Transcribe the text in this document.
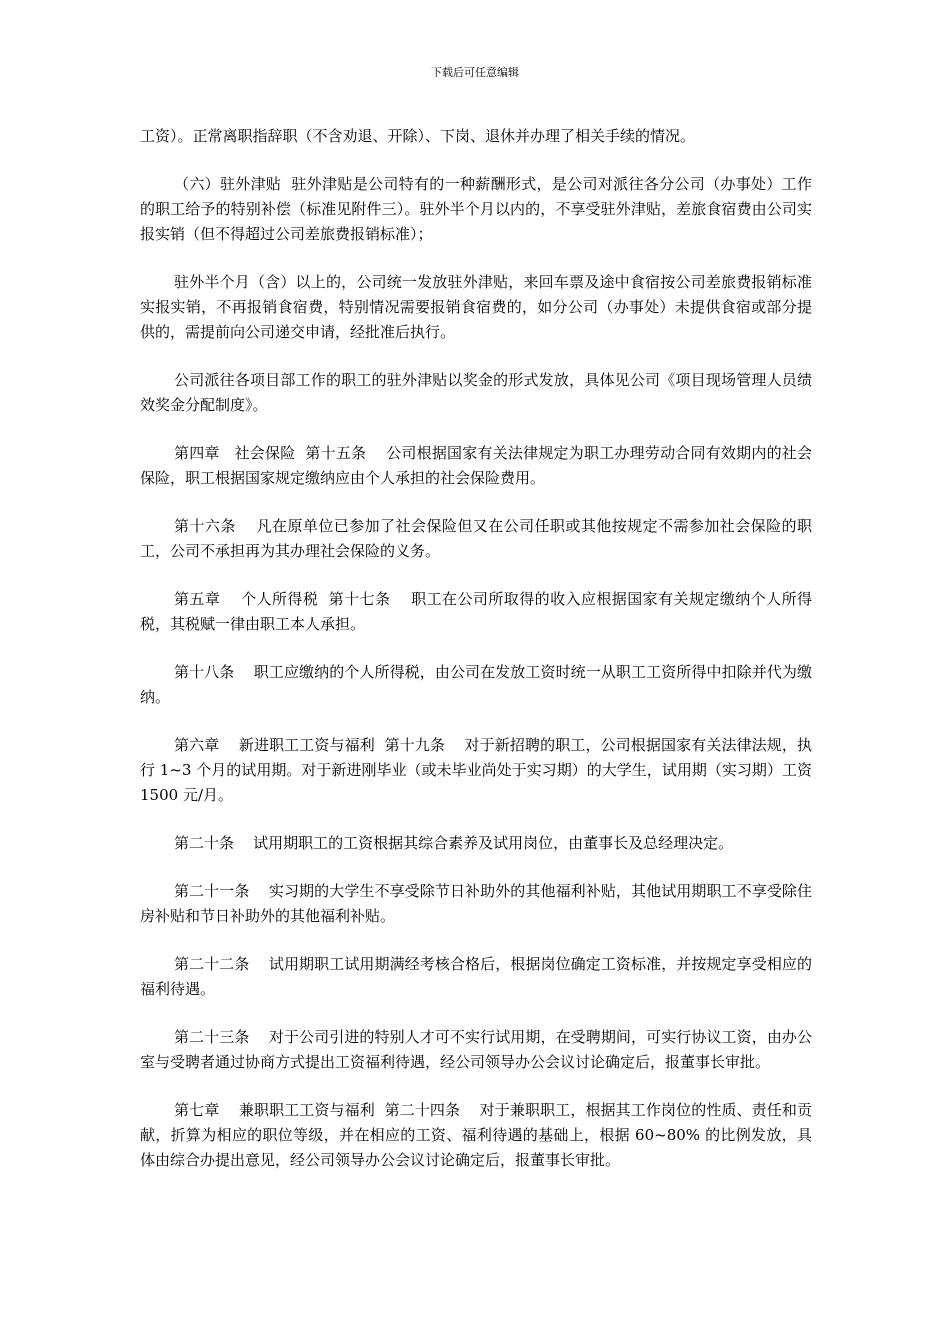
下载后可任意编辑

工资）。正常离职指辞职（不含劝退、开除）、下岗、退休并办理了相关手续的情况。

（六）驻外津贴  驻外津贴是公司特有的一种薪酬形式，是公司对派往各分公司（办事处）工作的职工给予的特别补偿（标准见附件三）。驻外半个月以内的，不享受驻外津贴，差旅食宿费由公司实报实销（但不得超过公司差旅费报销标准）；

驻外半个月（含）以上的，公司统一发放驻外津贴，来回车票及途中食宿按公司差旅费报销标准实报实销，不再报销食宿费，特别情况需要报销食宿费的，如分公司（办事处）未提供食宿或部分提供的，需提前向公司递交申请，经批准后执行。

公司派往各项目部工作的职工的驻外津贴以奖金的形式发放，具体见公司《项目现场管理人员绩效奖金分配制度》。

第四章   社会保险  第十五条    公司根据国家有关法律规定为职工办理劳动合同有效期内的社会保险，职工根据国家规定缴纳应由个人承担的社会保险费用。

第十六条    凡在原单位已参加了社会保险但又在公司任职或其他按规定不需参加社会保险的职工，公司不承担再为其办理社会保险的义务。

第五章    个人所得税  第十七条    职工在公司所取得的收入应根据国家有关规定缴纳个人所得税，其税赋一律由职工本人承担。

第十八条    职工应缴纳的个人所得税，由公司在发放工资时统一从职工工资所得中扣除并代为缴纳。

第六章    新进职工工资与福利  第十九条    对于新招聘的职工，公司根据国家有关法律法规，执行 1~3 个月的试用期。对于新进刚毕业（或未毕业尚处于实习期）的大学生，试用期（实习期）工资 1500 元/月。

第二十条    试用期职工的工资根据其综合素养及试用岗位，由董事长及总经理决定。

第二十一条    实习期的大学生不享受除节日补助外的其他福利补贴，其他试用期职工不享受除住房补贴和节日补助外的其他福利补贴。

第二十二条    试用期职工试用期满经考核合格后，根据岗位确定工资标准，并按规定享受相应的福利待遇。

第二十三条    对于公司引进的特别人才可不实行试用期，在受聘期间，可实行协议工资，由办公室与受聘者通过协商方式提出工资福利待遇，经公司领导办公会议讨论确定后，报董事长审批。

第七章    兼职职工工资与福利  第二十四条    对于兼职职工，根据其工作岗位的性质、责任和贡献，折算为相应的职位等级，并在相应的工资、福利待遇的基础上，根据 60~80% 的比例发放，具体由综合办提出意见，经公司领导办公会议讨论确定后，报董事长审批。
